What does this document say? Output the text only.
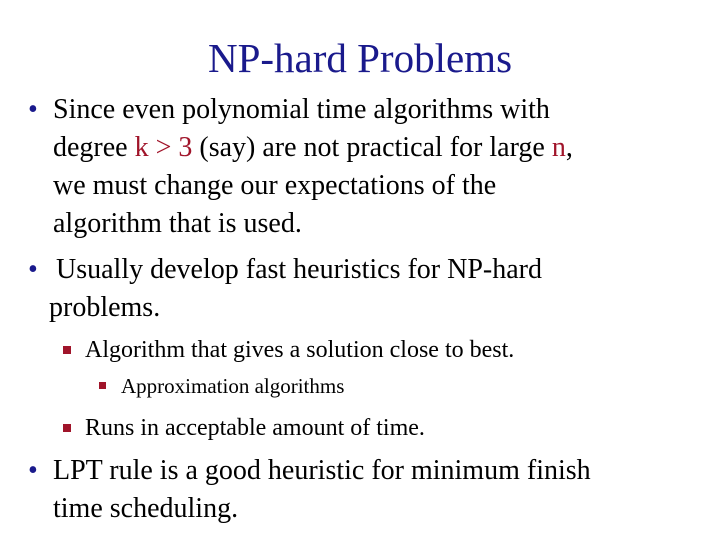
NP-hard Problems
• Since even polynomial time algorithms with
degree k > 3 (say) are not practical for large n,
we must change our expectations of the
algorithm that is used.
• Usually develop fast heuristics for NP-hard
problems.
Algorithm that gives a solution close to best.
Approximation algorithms
Runs in acceptable amount of time.
• LPT rule is a good heuristic for minimum finish
time scheduling.
